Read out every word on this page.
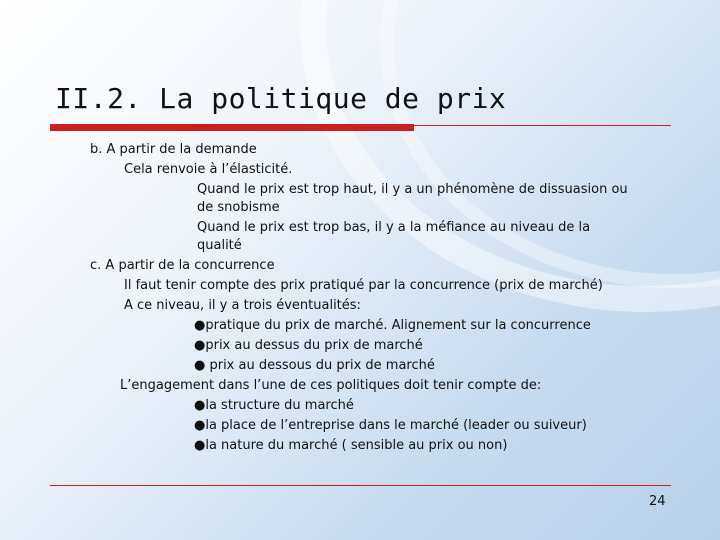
II.2. La politique de prix
b. A partir de la demande
Cela renvoie à l’élasticité.
Quand le prix est trop haut, il y a un phénomène de dissuasion ou
de snobisme
Quand le prix est trop bas, il y a la méfiance au niveau de la
qualité
c. A partir de la concurrence
Il faut tenir compte des prix pratiqué par la concurrence (prix de marché)
A ce niveau, il y a trois éventualités:
●pratique du prix de marché. Alignement sur la concurrence
●prix au dessus du prix de marché
● prix au dessous du prix de marché
L’engagement dans l’une de ces politiques doit tenir compte de:
●la structure du marché
●la place de l’entreprise dans le marché (leader ou suiveur)
●la nature du marché ( sensible au prix ou non)
24
